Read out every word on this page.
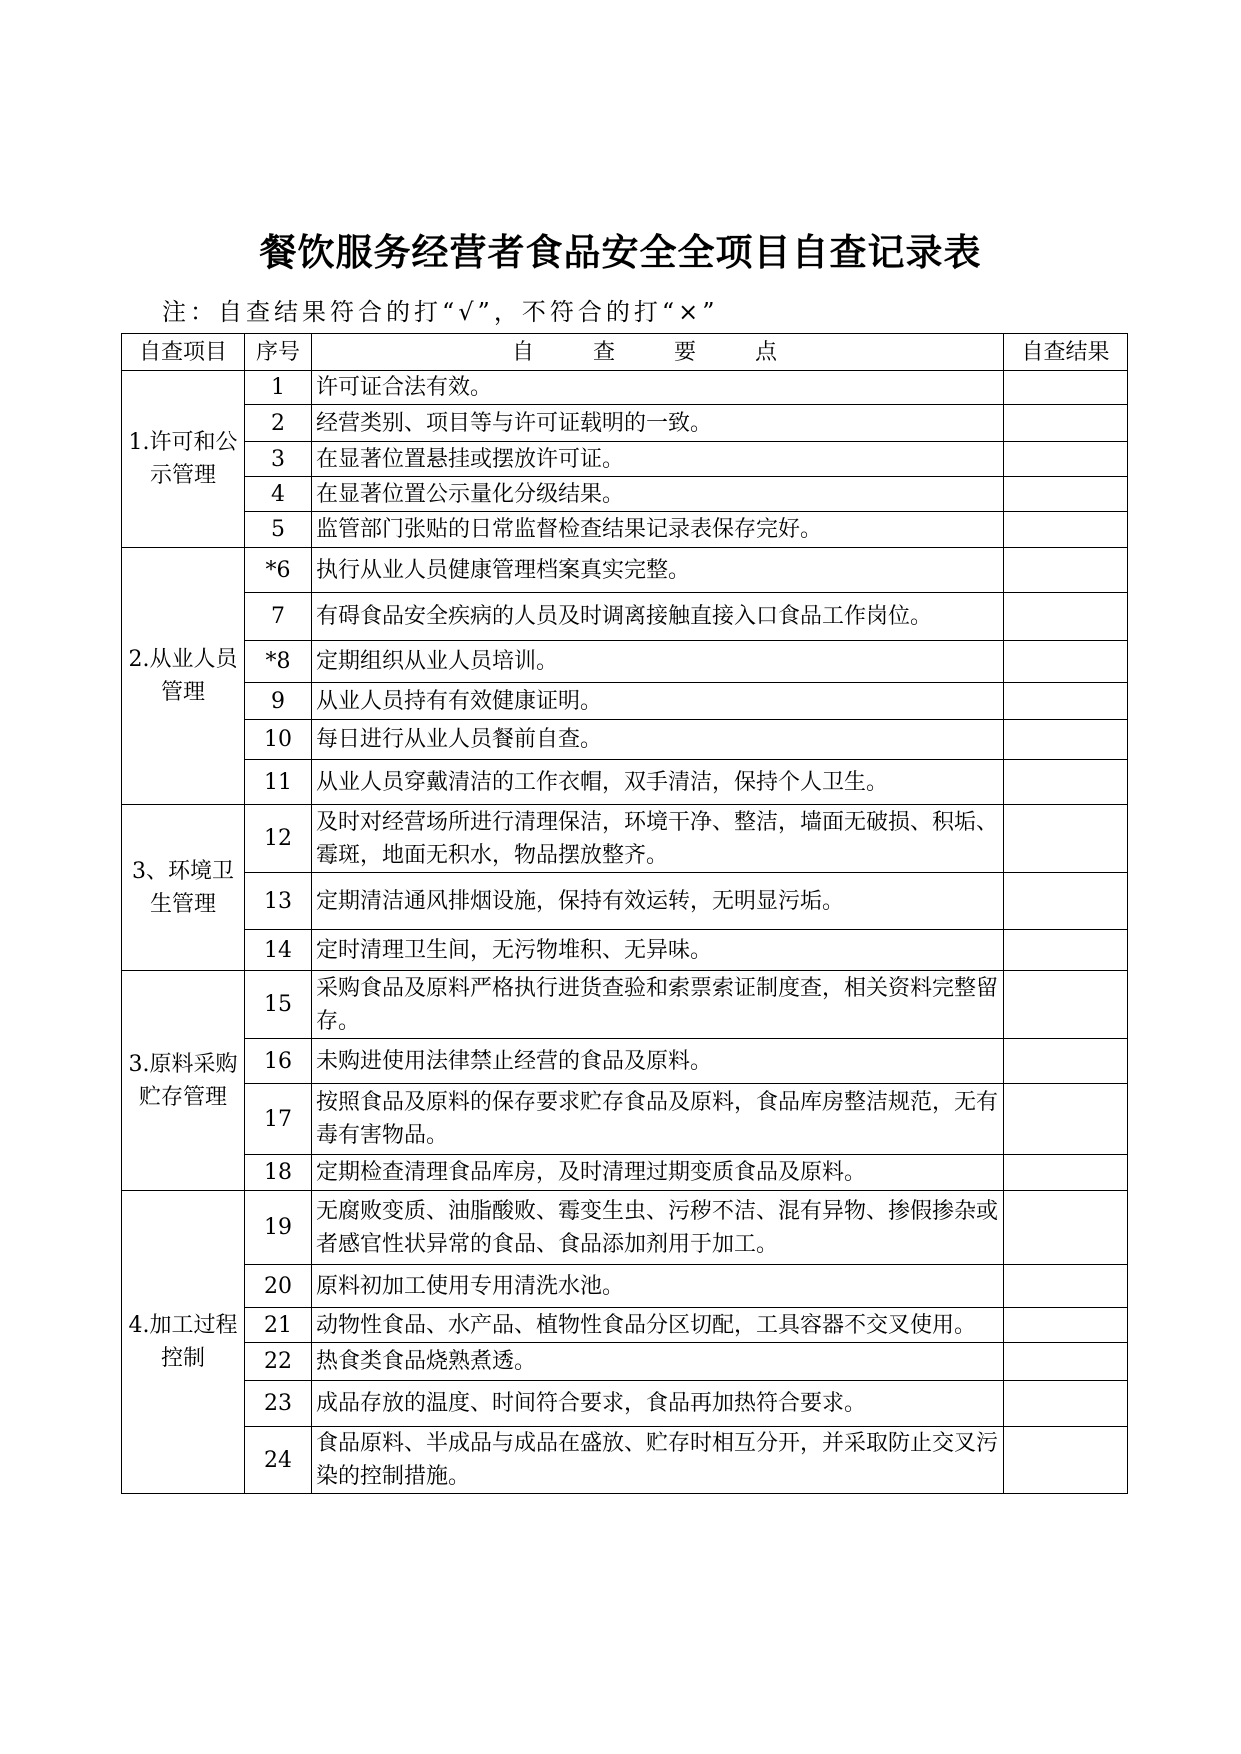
餐饮服务经营者食品安全全项目自查记录表
注：自查结果符合的打“√”，不符合的打“×”
自查项目	序号	自 查 要 点	自查结果
1.许可和公示管理	1	许可证合法有效。	
	2	经营类别、项目等与许可证载明的一致。	
	3	在显著位置悬挂或摆放许可证。	
	4	在显著位置公示量化分级结果。	
	5	监管部门张贴的日常监督检查结果记录表保存完好。	
2.从业人员管理	*6	执行从业人员健康管理档案真实完整。	
	7	有碍食品安全疾病的人员及时调离接触直接入口食品工作岗位。	
	*8	定期组织从业人员培训。	
	9	从业人员持有有效健康证明。	
	10	每日进行从业人员餐前自查。	
	11	从业人员穿戴清洁的工作衣帽，双手清洁，保持个人卫生。	
3、环境卫生管理	12	及时对经营场所进行清理保洁，环境干净、整洁，墙面无破损、积垢、霉斑，地面无积水，物品摆放整齐。	
	13	定期清洁通风排烟设施，保持有效运转，无明显污垢。	
	14	定时清理卫生间，无污物堆积、无异味。	
3.原料采购贮存管理	15	采购食品及原料严格执行进货查验和索票索证制度查，相关资料完整留存。	
	16	未购进使用法律禁止经营的食品及原料。	
	17	按照食品及原料的保存要求贮存食品及原料，食品库房整洁规范，无有毒有害物品。	
	18	定期检查清理食品库房，及时清理过期变质食品及原料。	
4.加工过程控制	19	无腐败变质、油脂酸败、霉变生虫、污秽不洁、混有异物、掺假掺杂或者感官性状异常的食品、食品添加剂用于加工。	
	20	原料初加工使用专用清洗水池。	
	21	动物性食品、水产品、植物性食品分区切配，工具容器不交叉使用。	
	22	热食类食品烧熟煮透。	
	23	成品存放的温度、时间符合要求，食品再加热符合要求。	
	24	食品原料、半成品与成品在盛放、贮存时相互分开，并采取防止交叉污染的控制措施。	
